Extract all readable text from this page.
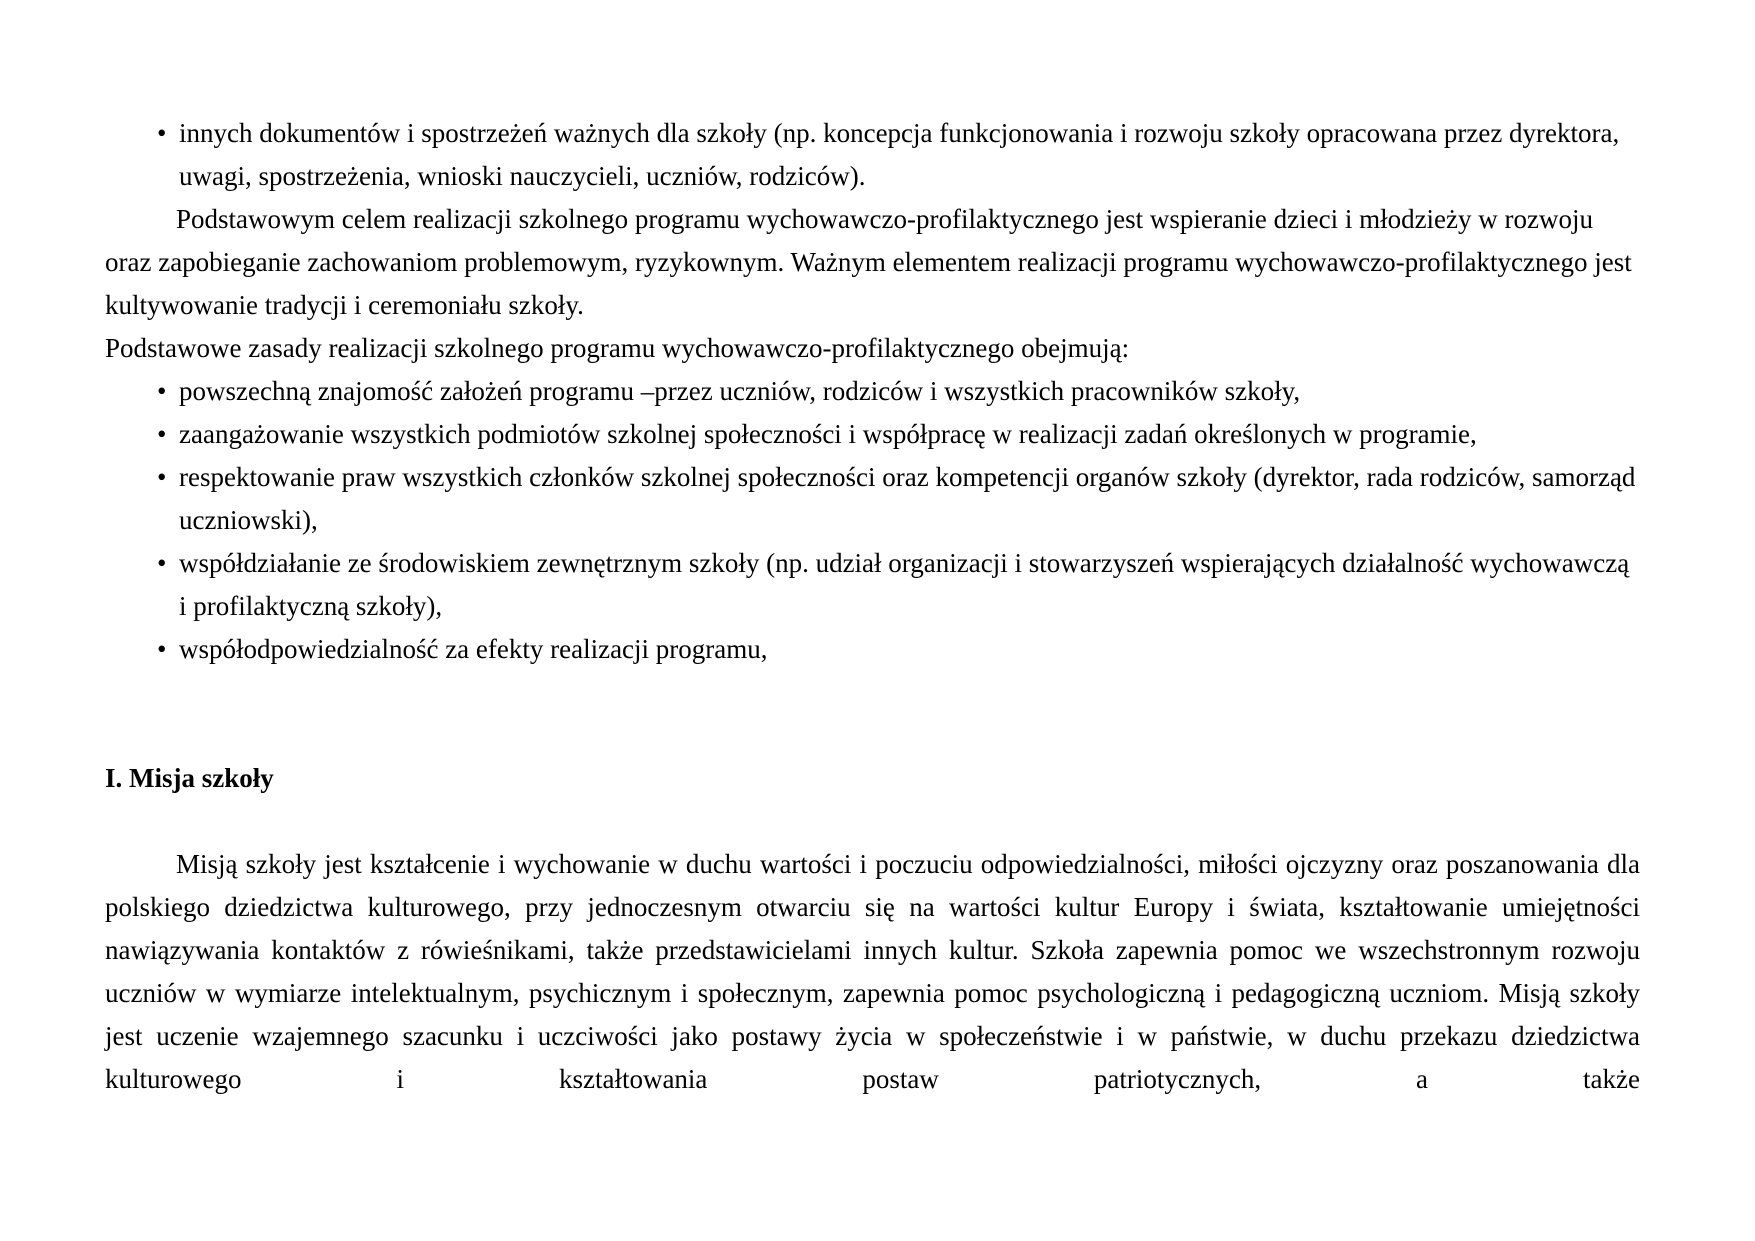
• innych dokumentów i spostrzeżeń ważnych dla szkoły (np. koncepcja funkcjonowania i rozwoju szkoły opracowana przez dyrektora, uwagi, spostrzeżenia, wnioski nauczycieli, uczniów, rodziców).

Podstawowym celem realizacji szkolnego programu wychowawczo-profilaktycznego jest wspieranie dzieci i młodzieży w rozwoju oraz zapobieganie zachowaniom problemowym, ryzykownym. Ważnym elementem realizacji programu wychowawczo-profilaktycznego jest kultywowanie tradycji i ceremoniału szkoły.

Podstawowe zasady realizacji szkolnego programu wychowawczo-profilaktycznego obejmują:

• powszechną znajomość założeń programu –przez uczniów, rodziców i wszystkich pracowników szkoły,
• zaangażowanie wszystkich podmiotów szkolnej społeczności i współpracę w realizacji zadań określonych w programie,
• respektowanie praw wszystkich członków szkolnej społeczności oraz kompetencji organów szkoły (dyrektor, rada rodziców, samorząd uczniowski),
• współdziałanie ze środowiskiem zewnętrznym szkoły (np. udział organizacji i stowarzyszeń wspierających działalność wychowawczą i profilaktyczną szkoły),
• współodpowiedzialność za efekty realizacji programu,
I. Misja szkoły

Misją szkoły jest kształcenie i wychowanie w duchu wartości i poczuciu odpowiedzialności, miłości ojczyzny oraz poszanowania dla polskiego dziedzictwa kulturowego, przy jednoczesnym otwarciu się na wartości kultur Europy i świata, kształtowanie umiejętności nawiązywania kontaktów z rówieśnikami, także przedstawicielami innych kultur. Szkoła zapewnia pomoc we wszechstronnym rozwoju uczniów w wymiarze intelektualnym, psychicznym i społecznym, zapewnia pomoc psychologiczną i pedagogiczną uczniom. Misją szkoły jest uczenie wzajemnego szacunku i uczciwości jako postawy życia w społeczeństwie i w państwie, w duchu przekazu dziedzictwa kulturowego i kształtowania postaw patriotycznych, a także
